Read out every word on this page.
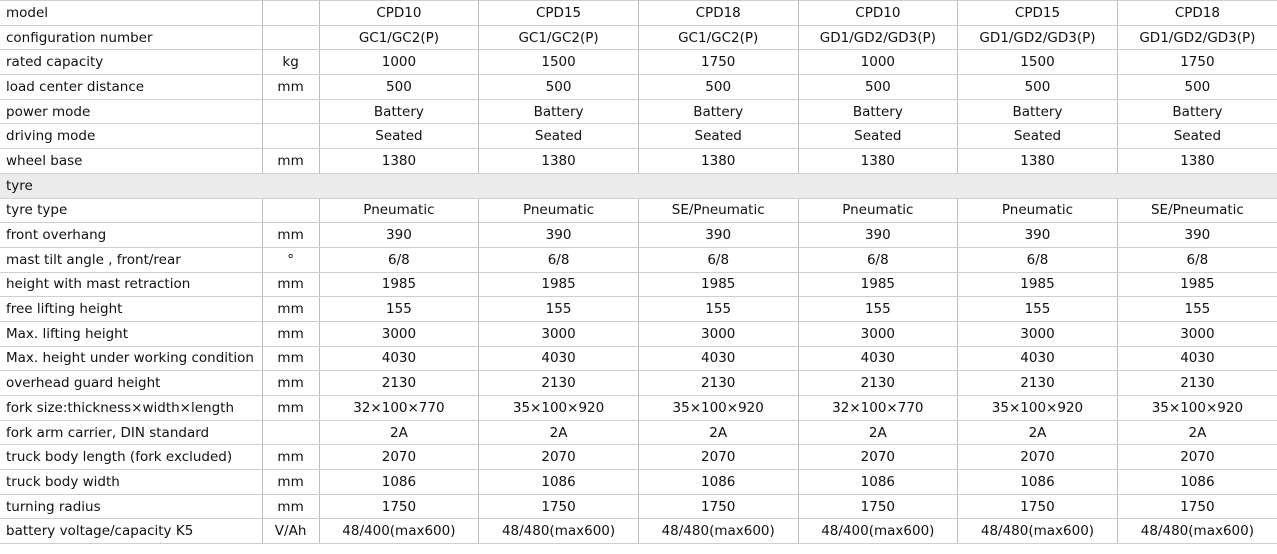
model		CPD10	CPD15	CPD18	CPD10	CPD15	CPD18
configuration number		GC1/GC2(P)	GC1/GC2(P)	GC1/GC2(P)	GD1/GD2/GD3(P)	GD1/GD2/GD3(P)	GD1/GD2/GD3(P)
rated capacity	kg	1000	1500	1750	1000	1500	1750
load center distance	mm	500	500	500	500	500	500
power mode		Battery	Battery	Battery	Battery	Battery	Battery
driving mode		Seated	Seated	Seated	Seated	Seated	Seated
wheel base	mm	1380	1380	1380	1380	1380	1380
tyre							
tyre type		Pneumatic	Pneumatic	SE/Pneumatic	Pneumatic	Pneumatic	SE/Pneumatic
front overhang	mm	390	390	390	390	390	390
mast tilt angle , front/rear	°	6/8	6/8	6/8	6/8	6/8	6/8
height with mast retraction	mm	1985	1985	1985	1985	1985	1985
free lifting height	mm	155	155	155	155	155	155
Max. lifting height	mm	3000	3000	3000	3000	3000	3000
Max. height under working condition	mm	4030	4030	4030	4030	4030	4030
overhead guard height	mm	2130	2130	2130	2130	2130	2130
fork size:thickness×width×length	mm	32×100×770	35×100×920	35×100×920	32×100×770	35×100×920	35×100×920
fork arm carrier, DIN standard		2A	2A	2A	2A	2A	2A
truck body length (fork excluded)	mm	2070	2070	2070	2070	2070	2070
truck body width	mm	1086	1086	1086	1086	1086	1086
turning radius	mm	1750	1750	1750	1750	1750	1750
battery voltage/capacity K5	V/Ah	48/400(max600)	48/480(max600)	48/480(max600)	48/400(max600)	48/480(max600)	48/480(max600)
